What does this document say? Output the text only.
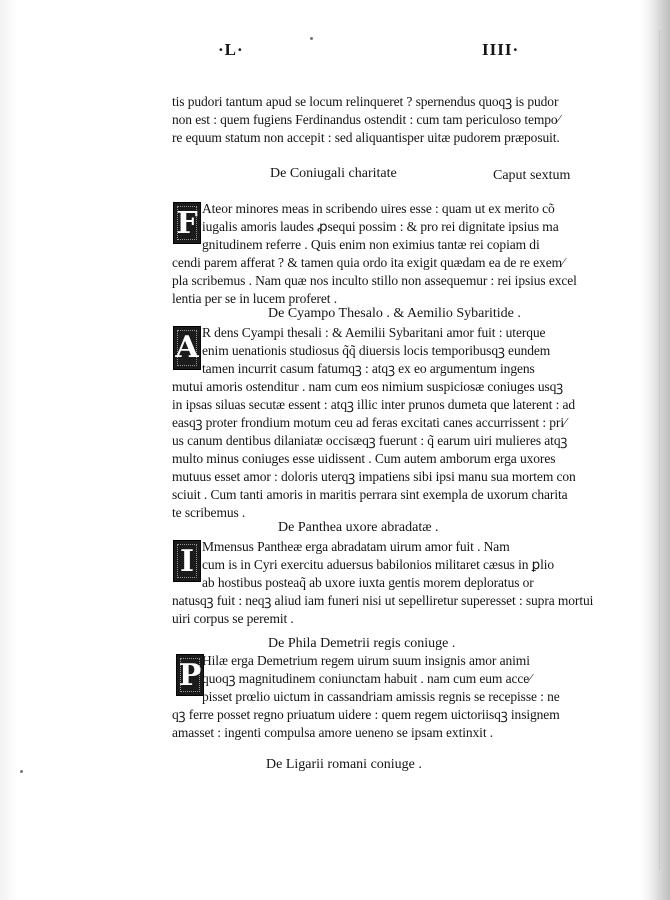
·L·	IIII·
tis pudori tantum apud se locum relinqueret ? spernendus quoqꝫ is pudor
non est : quem fugiens Ferdinandus ostendit : cum tam periculoso tempo⁄
re equum statum non accepit : sed aliquantisper uitæ pudorem præposuit.
De Coniugali charitate	Caput sextum
F Ateor minores meas in scribendo uires esse : quam ut ex merito cõ
iugalis amoris laudes ꝓsequi possim : & pro rei dignitate ipsius ma
gnitudinem referre . Quis enim non eximius tantæ rei copiam di
cendi parem afferat ? & tamen quia ordo ita exigit quædam ea de re exem⁄
pla scribemus . Nam quæ nos inculto stillo non assequemur : rei ipsius excel
lentia per se in lucem proferet .
De Cyampo Thesalo . & Aemilio Sybaritide .
A R dens Cyampi thesali : & Aemilii Sybaritani amor fuit : uterque
enim uenationis studiosus q̃q̃ diuersis locis temporibusqꝫ eundem
tamen incurrit casum fatumqꝫ : atqꝫ ex eo argumentum ingens
mutui amoris ostenditur . nam cum eos nimium suspiciosæ coniuges usqꝫ
in ipsas siluas secutæ essent : atqꝫ illic inter prunos dumeta que laterent : ad
easqꝫ proter frondium motum ceu ad feras excitati canes accurrissent : pri⁄
us canum dentibus dilaniatæ occisæqꝫ fuerunt : q̃ earum uiri mulieres atqꝫ
multo minus coniuges esse uidissent . Cum autem amborum erga uxores
mutuus esset amor : doloris uterqꝫ impatiens sibi ipsi manu sua mortem con
sciuit . Cum tanti amoris in maritis perrara sint exempla de uxorum charita
te scribemus .
De Panthea uxore abradatæ .
I Mmensus Pantheæ erga abradatam uirum amor fuit . Nam
cum is in Cyri exercitu aduersus babilonios militaret cæsus in ꝑlio
ab hostibus posteaq̃ ab uxore iuxta gentis morem deploratus or
natusqꝫ fuit : neqꝫ aliud iam funeri nisi ut sepelliretur superesset : supra mortui
uiri corpus se peremit .
De Phila Demetrii regis coniuge .
P Hilæ erga Demetrium regem uirum suum insignis amor animi
quoqꝫ magnitudinem coniunctam habuit . nam cum eum acce⁄
pisset prœlio uictum in cassandriam amissis regnis se recepisse : ne
qꝫ ferre posset regno priuatum uidere : quem regem uictoriisqꝫ insignem
amasset : ingenti compulsa amore ueneno se ipsam extinxit .
De Ligarii romani coniuge .
